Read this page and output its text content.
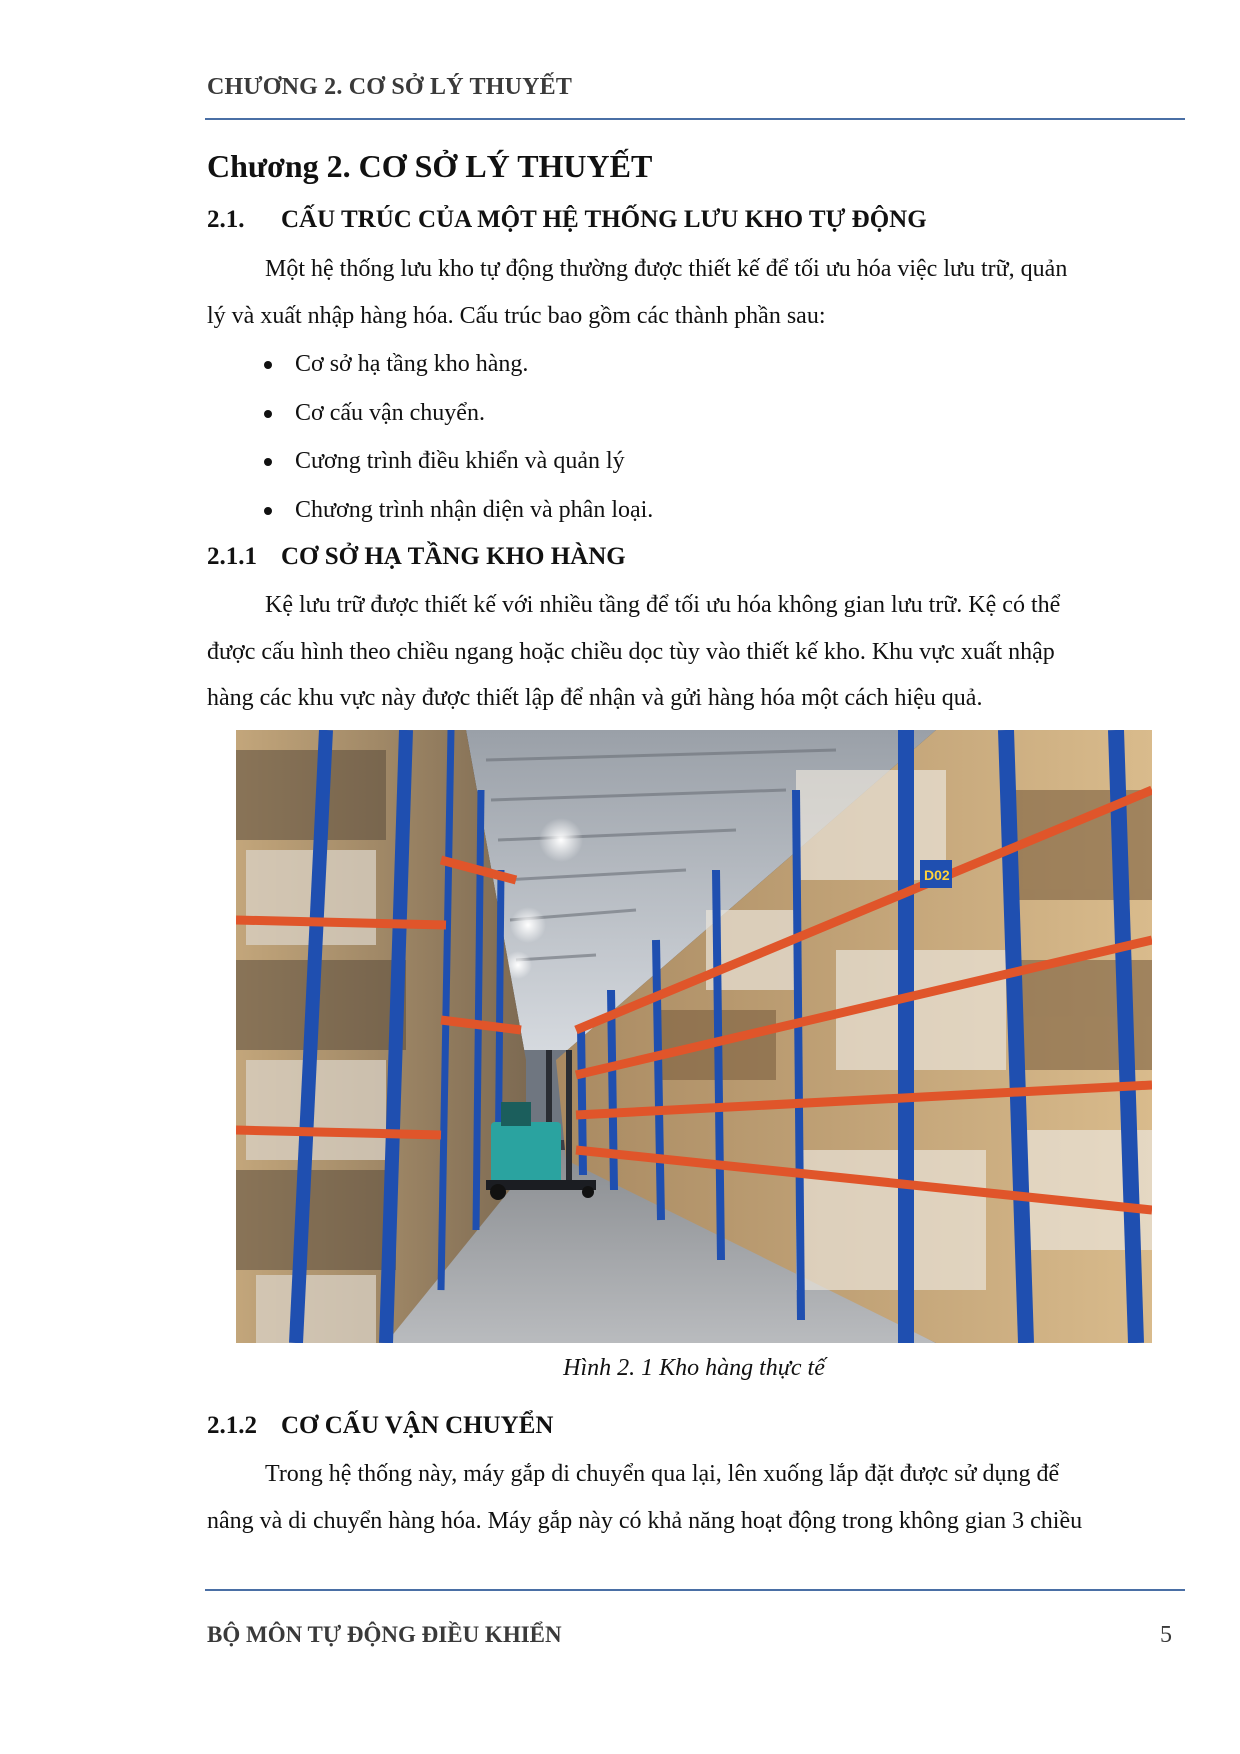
CHƯƠNG 2. CƠ SỞ LÝ THUYẾT
Chương 2. CƠ SỞ LÝ THUYẾT
2.1. CẤU TRÚC CỦA MỘT HỆ THỐNG LƯU KHO TỰ ĐỘNG
Một hệ thống lưu kho tự động thường được thiết kế để tối ưu hóa việc lưu trữ, quản
lý và xuất nhập hàng hóa. Cấu trúc bao gồm các thành phần sau:
Cơ sở hạ tầng kho hàng.
Cơ cấu vận chuyển.
Cương trình điều khiển và quản lý
Chương trình nhận diện và phân loại.
2.1.1 CƠ SỞ HẠ TẦNG KHO HÀNG
Kệ lưu trữ được thiết kế với nhiều tầng để tối ưu hóa không gian lưu trữ. Kệ có thể
được cấu hình theo chiều ngang hoặc chiều dọc tùy vào thiết kế kho. Khu vực xuất nhập
hàng các khu vực này được thiết lập để nhận và gửi hàng hóa một cách hiệu quả.
D02
Hình 2. 1 Kho hàng thực tế
2.1.2 CƠ CẤU VẬN CHUYỂN
Trong hệ thống này, máy gắp di chuyển qua lại, lên xuống lắp đặt được sử dụng để
nâng và di chuyển hàng hóa. Máy gắp này có khả năng hoạt động trong không gian 3 chiều
BỘ MÔN TỰ ĐỘNG ĐIỀU KHIỂN	5
